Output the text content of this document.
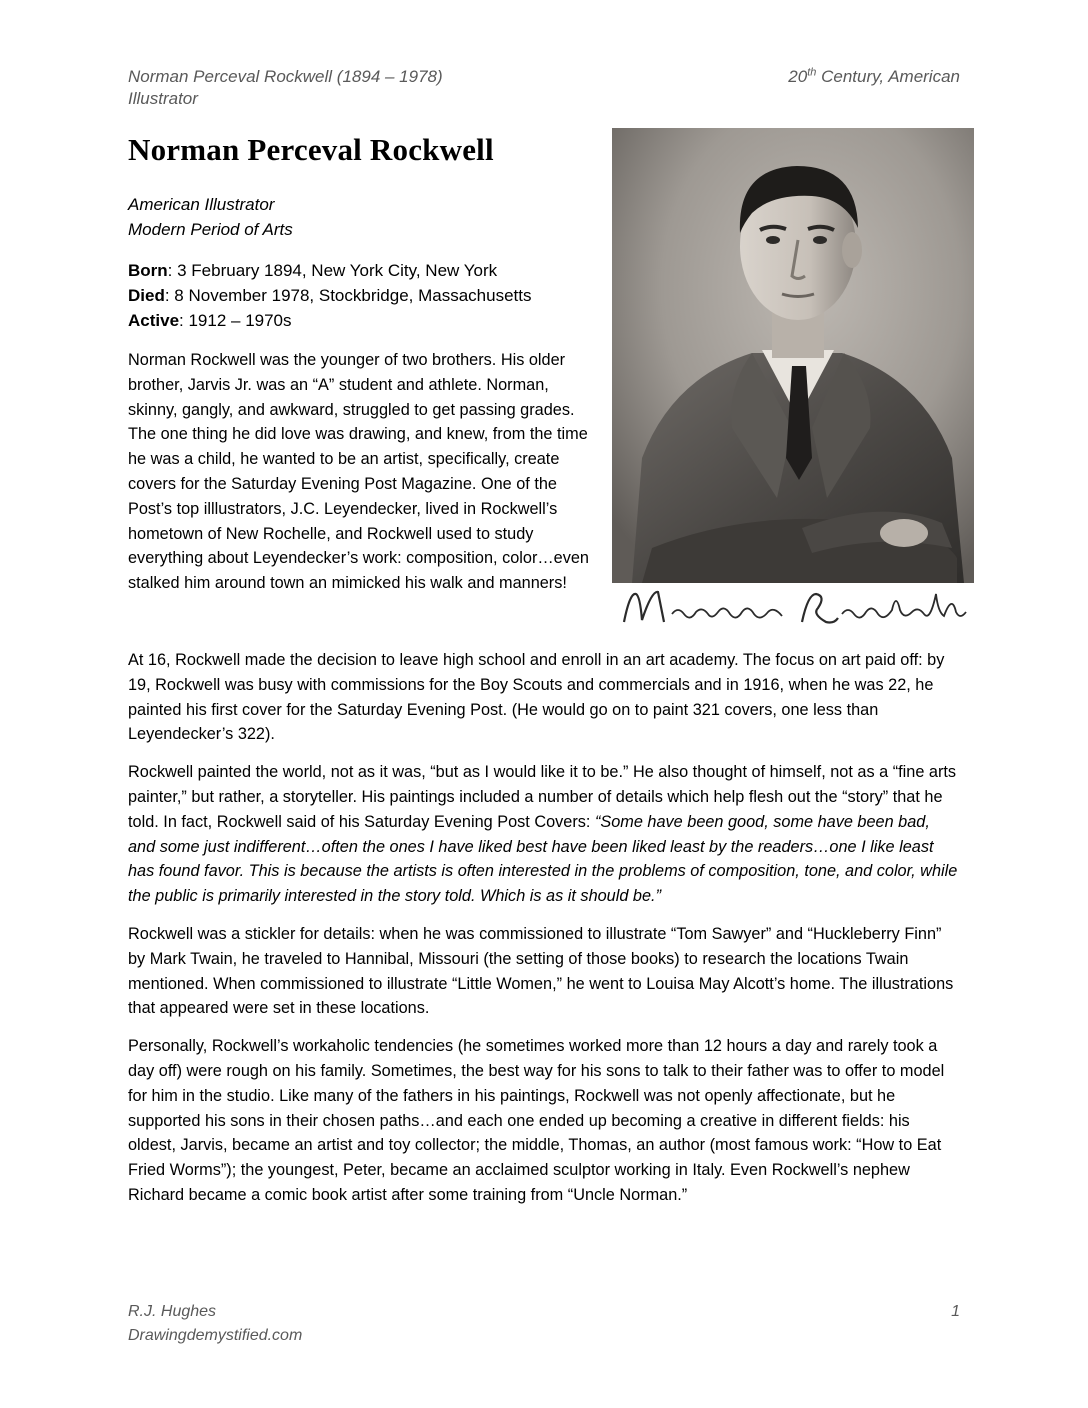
Norman Perceval Rockwell (1894 – 1978)
Illustrator
20th Century, American
Norman Perceval Rockwell
American Illustrator
Modern Period of Arts
Born: 3 February 1894, New York City, New York
Died: 8 November 1978, Stockbridge, Massachusetts
Active: 1912 – 1970s

Norman Rockwell was the younger of two brothers. His older brother, Jarvis Jr. was an “A” student and athlete. Norman, skinny, gangly, and awkward, struggled to get passing grades. The one thing he did love was drawing, and knew, from the time he was a child, he wanted to be an artist, specifically, create covers for the Saturday Evening Post Magazine. One of the Post’s top illlustrators, J.C. Leyendecker, lived in Rockwell’s hometown of New Rochelle, and Rockwell used to study everything about Leyendecker’s work: composition, color…even stalked him around town an mimicked his walk and manners!

At 16, Rockwell made the decision to leave high school and enroll in an art academy. The focus on art paid off: by 19, Rockwell was busy with commissions for the Boy Scouts and commercials and in 1916, when he was 22, he painted his first cover for the Saturday Evening Post. (He would go on to paint 321 covers, one less than Leyendecker’s 322).

Rockwell painted the world, not as it was, “but as I would like it to be.” He also thought of himself, not as a “fine arts painter,” but rather, a storyteller. His paintings included a number of details which help flesh out the “story” that he told. In fact, Rockwell said of his Saturday Evening Post Covers: “Some have been good, some have been bad, and some just indifferent…often the ones I have liked best have been liked least by the readers…one I like least has found favor. This is because the artists is often interested in the problems of composition, tone, and color, while the public is primarily interested in the story told. Which is as it should be.”

Rockwell was a stickler for details: when he was commissioned to illustrate “Tom Sawyer” and “Huckleberry Finn” by Mark Twain, he traveled to Hannibal, Missouri (the setting of those books) to research the locations Twain mentioned. When commissioned to illustrate “Little Women,” he went to Louisa May Alcott’s home. The illustrations that appeared were set in these locations.

Personally, Rockwell’s workaholic tendencies (he sometimes worked more than 12 hours a day and rarely took a day off) were rough on his family. Sometimes, the best way for his sons to talk to their father was to offer to model for him in the studio. Like many of the fathers in his paintings, Rockwell was not openly affectionate, but he supported his sons in their chosen paths…and each one ended up becoming a creative in different fields: his oldest, Jarvis, became an artist and toy collector; the middle, Thomas, an author (most famous work: “How to Eat Fried Worms”); the youngest, Peter, became an acclaimed sculptor working in Italy. Even Rockwell’s nephew Richard became a comic book artist after some training from “Uncle Norman.”

R.J. Hughes
Drawingdemystified.com
1
